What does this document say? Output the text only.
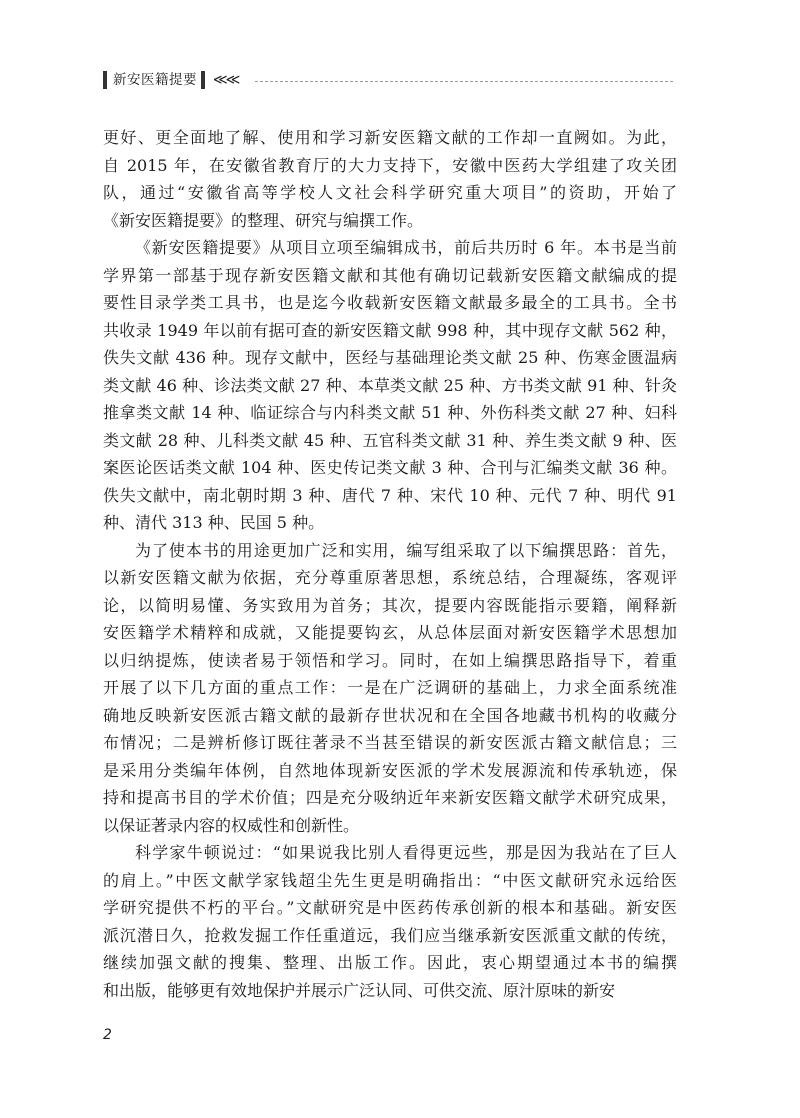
新安医籍提要 ≪≪
更好、更全面地了解、使用和学习新安医籍文献的工作却一直阙如。为此，
自 2015 年，在安徽省教育厅的大力支持下，安徽中医药大学组建了攻关团
队，通过“安徽省高等学校人文社会科学研究重大项目”的资助，开始了
《新安医籍提要》的整理、研究与编撰工作。
《新安医籍提要》从项目立项至编辑成书，前后共历时 6 年。本书是当前
学界第一部基于现存新安医籍文献和其他有确切记载新安医籍文献编成的提
要性目录学类工具书，也是迄今收载新安医籍文献最多最全的工具书。全书
共收录 1949 年以前有据可查的新安医籍文献 998 种，其中现存文献 562 种，
佚失文献 436 种。现存文献中，医经与基础理论类文献 25 种、伤寒金匮温病
类文献 46 种、诊法类文献 27 种、本草类文献 25 种、方书类文献 91 种、针灸
推拿类文献 14 种、临证综合与内科类文献 51 种、外伤科类文献 27 种、妇科
类文献 28 种、儿科类文献 45 种、五官科类文献 31 种、养生类文献 9 种、医
案医论医话类文献 104 种、医史传记类文献 3 种、合刊与汇编类文献 36 种。
佚失文献中，南北朝时期 3 种、唐代 7 种、宋代 10 种、元代 7 种、明代 91
种、清代 313 种、民国 5 种。
为了使本书的用途更加广泛和实用，编写组采取了以下编撰思路：首先，
以新安医籍文献为依据，充分尊重原著思想，系统总结，合理凝练，客观评
论，以简明易懂、务实致用为首务；其次，提要内容既能指示要籍，阐释新
安医籍学术精粹和成就，又能提要钩玄，从总体层面对新安医籍学术思想加
以归纳提炼，使读者易于领悟和学习。同时，在如上编撰思路指导下，着重
开展了以下几方面的重点工作：一是在广泛调研的基础上，力求全面系统准
确地反映新安医派古籍文献的最新存世状况和在全国各地藏书机构的收藏分
布情况；二是辨析修订既往著录不当甚至错误的新安医派古籍文献信息；三
是采用分类编年体例，自然地体现新安医派的学术发展源流和传承轨迹，保
持和提高书目的学术价值；四是充分吸纳近年来新安医籍文献学术研究成果，
以保证著录内容的权威性和创新性。
科学家牛顿说过：“如果说我比别人看得更远些，那是因为我站在了巨人
的肩上。”中医文献学家钱超尘先生更是明确指出：“中医文献研究永远给医
学研究提供不朽的平台。”文献研究是中医药传承创新的根本和基础。新安医
派沉潜日久，抢救发掘工作任重道远，我们应当继承新安医派重文献的传统，
继续加强文献的搜集、整理、出版工作。因此，衷心期望通过本书的编撰
和出版，能够更有效地保护并展示广泛认同、可供交流、原汁原味的新安
2
